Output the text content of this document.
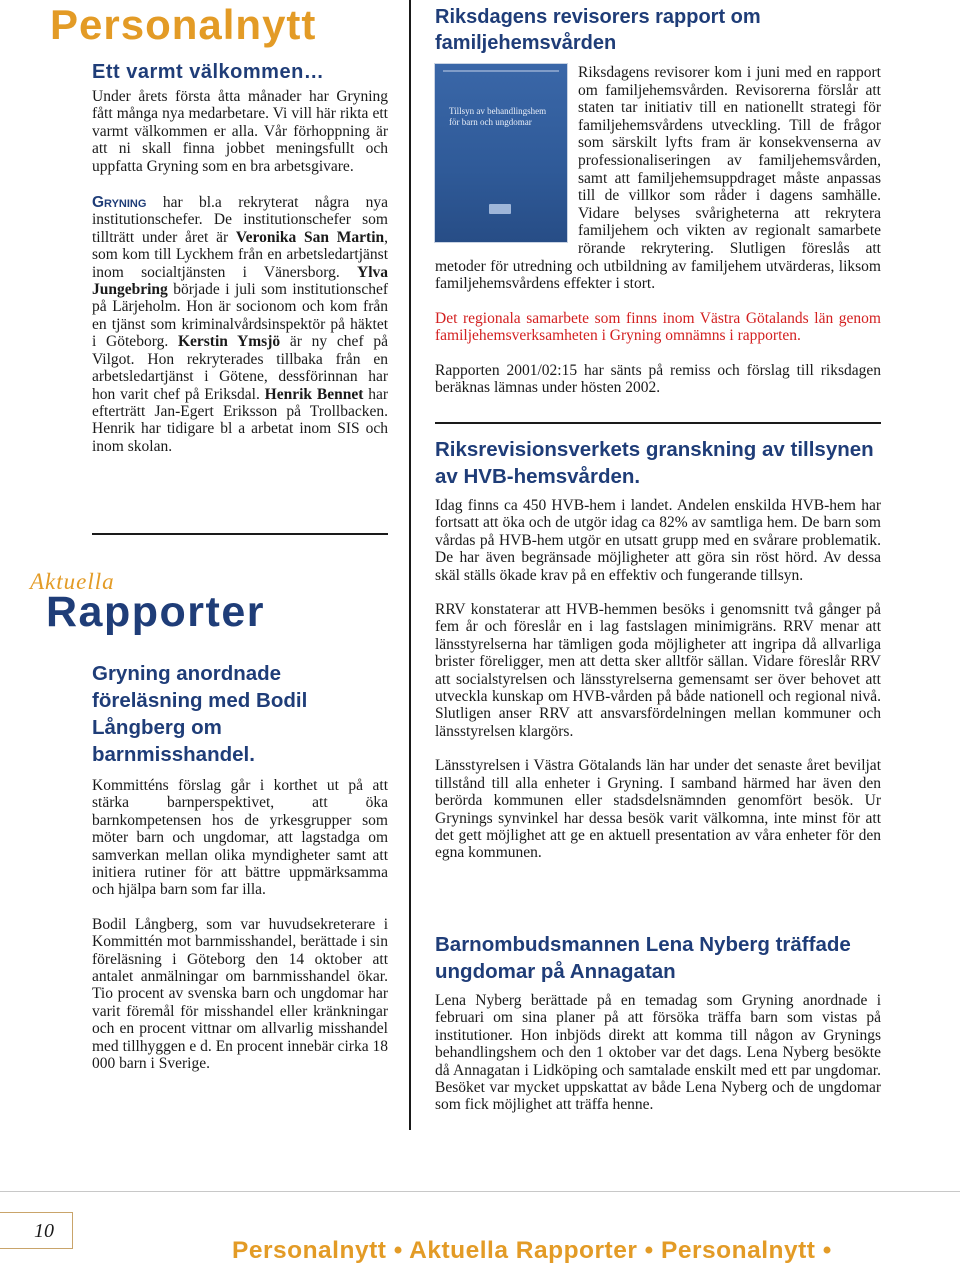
Personalnytt
Ett varmt välkommen…

Under årets första åtta månader har Gryning fått många nya medarbetare. Vi vill här rikta ett varmt välkommen er alla. Vår förhoppning är att ni skall finna jobbet meningsfullt och uppfatta Gryning som en bra arbetsgivare.

Gryning har bl.a rekryterat några nya institutionschefer. De institutionschefer som tillträtt under året är Veronika San Martin, som kom till Lyckhem från en arbetsledartjänst inom socialtjänsten i Vänersborg. Ylva Jungebring började i juli som institutionschef på Lärjeholm. Hon är socionom och kom från en tjänst som kriminalvårdsinspektör på häktet i Göteborg. Kerstin Ymsjö är ny chef på Vilgot. Hon rekryterades tillbaka från en arbetsledartjänst i Götene, dessförinnan har hon varit chef på Eriksdal. Henrik Bennet har efterträtt Jan-Egert Eriksson på Trollbacken. Henrik har tidigare bl a arbetat inom SIS och inom skolan.

Aktuella
Rapporter
Gryning anordnade föreläsning med Bodil Långberg om barnmisshandel.

Kommitténs förslag går i korthet ut på att stärka barnperspektivet, att öka barnkompetensen hos de yrkesgrupper som möter barn och ungdomar, att lagstadga om samverkan mellan olika myndigheter samt att initiera rutiner för att bättre uppmärksamma och hjälpa barn som far illa.

Bodil Långberg, som var huvudsekreterare i Kommittén mot barnmisshandel, berättade i sin föreläsning i Göteborg den 14 oktober att antalet anmälningar om barnmisshandel ökar. Tio procent av svenska barn och ungdomar har varit föremål för misshandel eller kränkningar och en procent vittnar om allvarlig misshandel med tillhyggen e d. En procent innebär cirka 18 000 barn i Sverige.

Riksdagens revisorers rapport om familjehemsvården
Tillsyn av behandlingshem för barn och ungdomar

Riksdagens revisorer kom i juni med en rapport om familjehemsvården. Revisorerna förslår att staten tar initiativ till en nationellt strategi för familjehemsvårdens utveckling. Till de frågor som särskilt lyfts fram är konsekvenserna av professionaliseringen av familjehemsvården, samt att familjehemsuppdraget måste anpassas till de villkor som råder i dagens samhälle. Vidare belyses svårigheterna att rekrytera familjehem och vikten av regionalt samarbete rörande rekrytering. Slutligen föreslås att metoder för utredning och utbildning av familjehem utvärderas, liksom familjehemsvårdens effekter i stort.

Det regionala samarbete som finns inom Västra Götalands län genom familjehemsverksamheten i Gryning omnämns i rapporten.

Rapporten 2001/02:15 har sänts på remiss och förslag till riksdagen beräknas lämnas under hösten 2002.

Riksrevisionsverkets granskning av tillsynen av HVB-hemsvården.

Idag finns ca 450 HVB-hem i landet. Andelen enskilda HVB-hem har fortsatt att öka och de utgör idag ca 82% av samtliga hem. De barn som vårdas på HVB-hem utgör en utsatt grupp med en svårare problematik. De har även begränsade möjligheter att göra sin röst hörd. Av dessa skäl ställs ökade krav på en effektiv och fungerande tillsyn.

RRV konstaterar att HVB-hemmen besöks i genomsnitt två gånger på fem år och föreslår en i lag fastslagen minimigräns. RRV menar att länsstyrelserna har tämligen goda möjligheter att ingripa då allvarliga brister föreligger, men att detta sker alltför sällan. Vidare föreslår RRV att socialstyrelsen och länsstyrelserna gemensamt ser över behovet att utveckla kunskap om HVB-vården på både nationell och regional nivå. Slutligen anser RRV att ansvarsfördelningen mellan kommuner och länsstyrelsen klargörs.

Länsstyrelsen i Västra Götalands län har under det senaste året beviljat tillstånd till alla enheter i Gryning. I samband härmed har även den berörda kommunen eller stadsdelsnämnden genomfört besök. Ur Grynings synvinkel har dessa besök varit välkomna, inte minst för att det gett möjlighet att ge en aktuell presentation av våra enheter för den egna kommunen.

Barnombudsmannen Lena Nyberg träffade ungdomar på Annagatan

Lena Nyberg berättade på en temadag som Gryning anordnade i februari om sina planer på att försöka träffa barn som vistas på institutioner. Hon inbjöds direkt att komma till någon av Grynings behandlingshem och den 1 oktober var det dags. Lena Nyberg besökte då Annagatan i Lidköping och samtalade enskilt med ett par ungdomar. Besöket var mycket uppskattat av både Lena Nyberg och de ungdomar som fick möjlighet att träffa henne.

10
Personalnytt • Aktuella Rapporter • Personalnytt •
